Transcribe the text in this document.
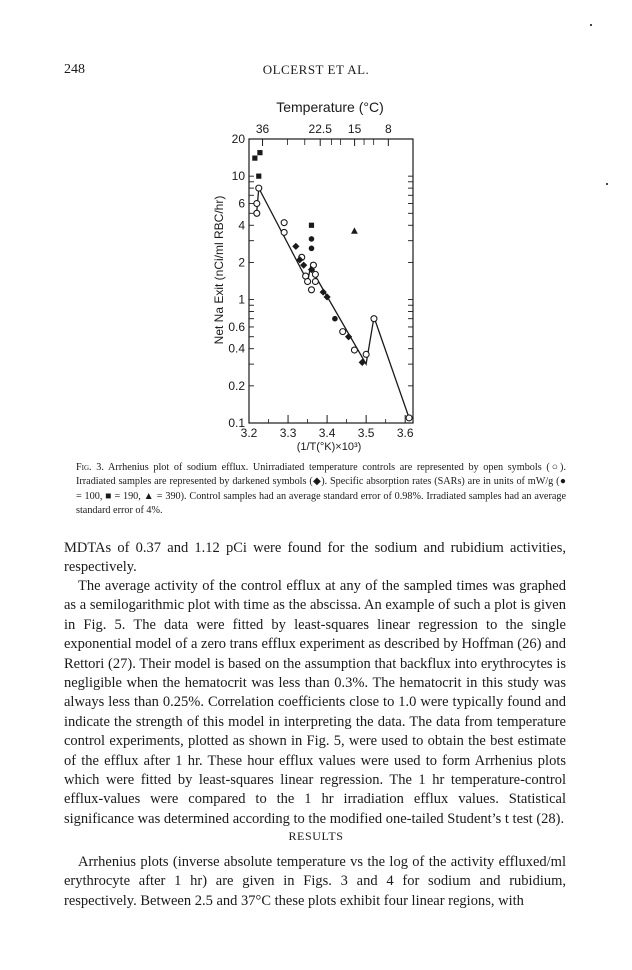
248	OLCERST ET AL.
3.2 3.3 3.4 3.5 3.6
36	22.5 15 8
0.1
0.2
0.4
0.6
1
2
4
6
10
20
Temperature (°C)
(1/T(°K)×10³)
Net Na Exit (nCi/ml RBC/hr)
Fig. 3. Arrhenius plot of sodium efflux. Unirradiated temperature controls are represented by open symbols (○). Irradiated samples are represented by darkened symbols (◆). Specific absorption rates (SARs) are in units of mW/g (● = 100, ■ = 190, ▲ = 390). Control samples had an average standard error of 0.98%. Irradiated samples had an average standard error of 4%.

MDTAs of 0.37 and 1.12 pCi were found for the sodium and rubidium activities, respectively.

The average activity of the control efflux at any of the sampled times was graphed as a semilogarithmic plot with time as the abscissa. An example of such a plot is given in Fig. 5. The data were fitted by least-squares linear regression to the single exponential model of a zero trans efflux experiment as described by Hoffman (26) and Rettori (27). Their model is based on the assumption that backflux into erythrocytes is negligible when the hematocrit was less than 0.3%. The hematocrit in this study was always less than 0.25%. Correlation coefficients close to 1.0 were typically found and indicate the strength of this model in interpreting the data. The data from temperature control experiments, plotted as shown in Fig. 5, were used to obtain the best estimate of the efflux after 1 hr. These hour efflux values were used to form Arrhenius plots which were fitted by least-squares linear regression. The 1 hr temperature-control efflux-values were compared to the 1 hr irradiation efflux values. Statistical significance was determined according to the modified one-tailed Student’s t test (28).

RESULTS

Arrhenius plots (inverse absolute temperature vs the log of the activity effluxed/ml erythrocyte after 1 hr) are given in Figs. 3 and 4 for sodium and rubidium, respectively. Between 2.5 and 37°C these plots exhibit four linear regions, with
